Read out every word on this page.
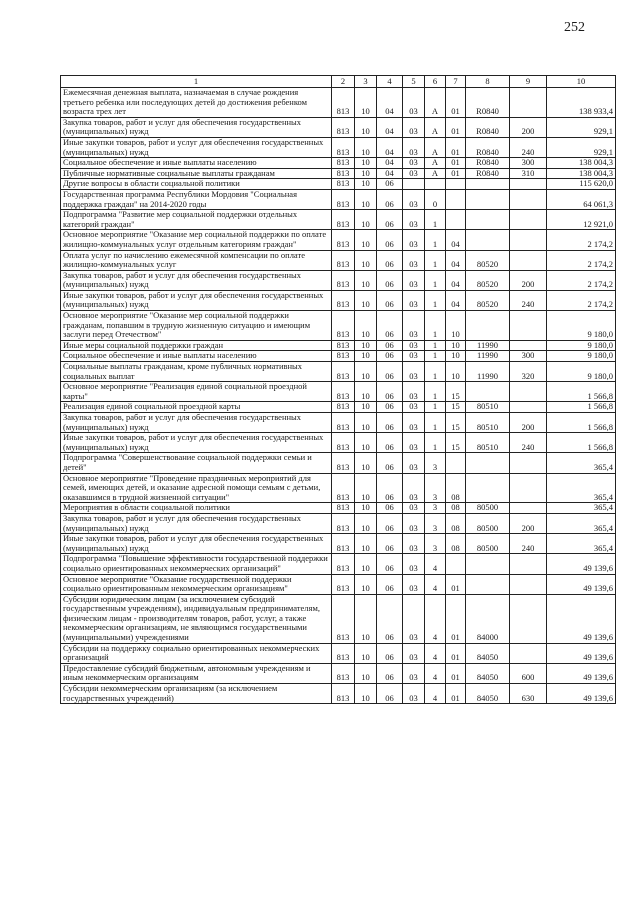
252
1	2	3	4	5	6	7	8	9	10
Ежемесячная денежная выплата, назначаемая в случае рождения третьего ребенка или последующих детей до достижения ребенком возраста трех лет	813	10	04	03	А	01	R0840		138 933,4
Закупка товаров, работ и услуг для обеспечения государственных (муниципальных) нужд	813	10	04	03	А	01	R0840	200	929,1
Иные закупки товаров, работ и услуг для обеспечения государственных (муниципальных) нужд	813	10	04	03	А	01	R0840	240	929,1
Социальное обеспечение и иные выплаты населению	813	10	04	03	А	01	R0840	300	138 004,3
Публичные нормативные социальные выплаты гражданам	813	10	04	03	А	01	R0840	310	138 004,3
Другие вопросы в области социальной политики	813	10	06						115 620,0
Государственная программа Республики Мордовия "Социальная поддержка граждан" на 2014-2020 годы	813	10	06	03	0				64 061,3
Подпрограмма "Развитие мер социальной поддержки отдельных категорий граждан"	813	10	06	03	1				12 921,0
Основное мероприятие "Оказание мер социальной поддержки по оплате жилищно-коммунальных услуг отдельным категориям граждан"	813	10	06	03	1	04			2 174,2
Оплата услуг по начислению ежемесячной компенсации по оплате жилищно-коммунальных услуг	813	10	06	03	1	04	80520		2 174,2
Закупка товаров, работ и услуг для обеспечения государственных (муниципальных) нужд	813	10	06	03	1	04	80520	200	2 174,2
Иные закупки товаров, работ и услуг для обеспечения государственных (муниципальных) нужд	813	10	06	03	1	04	80520	240	2 174,2
Основное мероприятие "Оказание мер социальной поддержки гражданам, попавшим в трудную жизненную ситуацию и имеющим заслуги перед Отечеством"	813	10	06	03	1	10			9 180,0
Иные меры социальной поддержки граждан	813	10	06	03	1	10	11990		9 180,0
Социальное обеспечение и иные выплаты населению	813	10	06	03	1	10	11990	300	9 180,0
Социальные выплаты гражданам, кроме публичных нормативных социальных выплат	813	10	06	03	1	10	11990	320	9 180,0
Основное мероприятие "Реализация единой социальной проездной карты"	813	10	06	03	1	15			1 566,8
Реализация единой социальной проездной карты	813	10	06	03	1	15	80510		1 566,8
Закупка товаров, работ и услуг для обеспечения государственных (муниципальных) нужд	813	10	06	03	1	15	80510	200	1 566,8
Иные закупки товаров, работ и услуг для обеспечения государственных (муниципальных) нужд	813	10	06	03	1	15	80510	240	1 566,8
Подпрограмма "Совершенствование социальной поддержки семьи и детей"	813	10	06	03	3				365,4
Основное мероприятие "Проведение праздничных мероприятий для семей, имеющих детей, и оказание адресной помощи семьям с детьми, оказавшимся в трудной жизненной ситуации"	813	10	06	03	3	08			365,4
Мероприятия в области социальной политики	813	10	06	03	3	08	80500		365,4
Закупка товаров, работ и услуг для обеспечения государственных (муниципальных) нужд	813	10	06	03	3	08	80500	200	365,4
Иные закупки товаров, работ и услуг для обеспечения государственных (муниципальных) нужд	813	10	06	03	3	08	80500	240	365,4
Подпрограмма "Повышение эффективности государственной поддержки социально ориентированных некоммерческих организаций"	813	10	06	03	4				49 139,6
Основное мероприятие "Оказание государственной поддержки социально ориентированным некоммерческим организациям"	813	10	06	03	4	01			49 139,6
Субсидии юридическим лицам (за исключением субсидий государственным учреждениям), индивидуальным предпринимателям, физическим лицам - производителям товаров, работ, услуг, а также некоммерческим организациям, не являющимся государственными (муниципальными) учреждениями	813	10	06	03	4	01	84000		49 139,6
Субсидии на поддержку социально ориентированных некоммерческих организаций	813	10	06	03	4	01	84050		49 139,6
Предоставление субсидий бюджетным, автономным учреждениям и иным некоммерческим организациям	813	10	06	03	4	01	84050	600	49 139,6
Субсидии некоммерческим организациям (за исключением государственных учреждений)	813	10	06	03	4	01	84050	630	49 139,6
